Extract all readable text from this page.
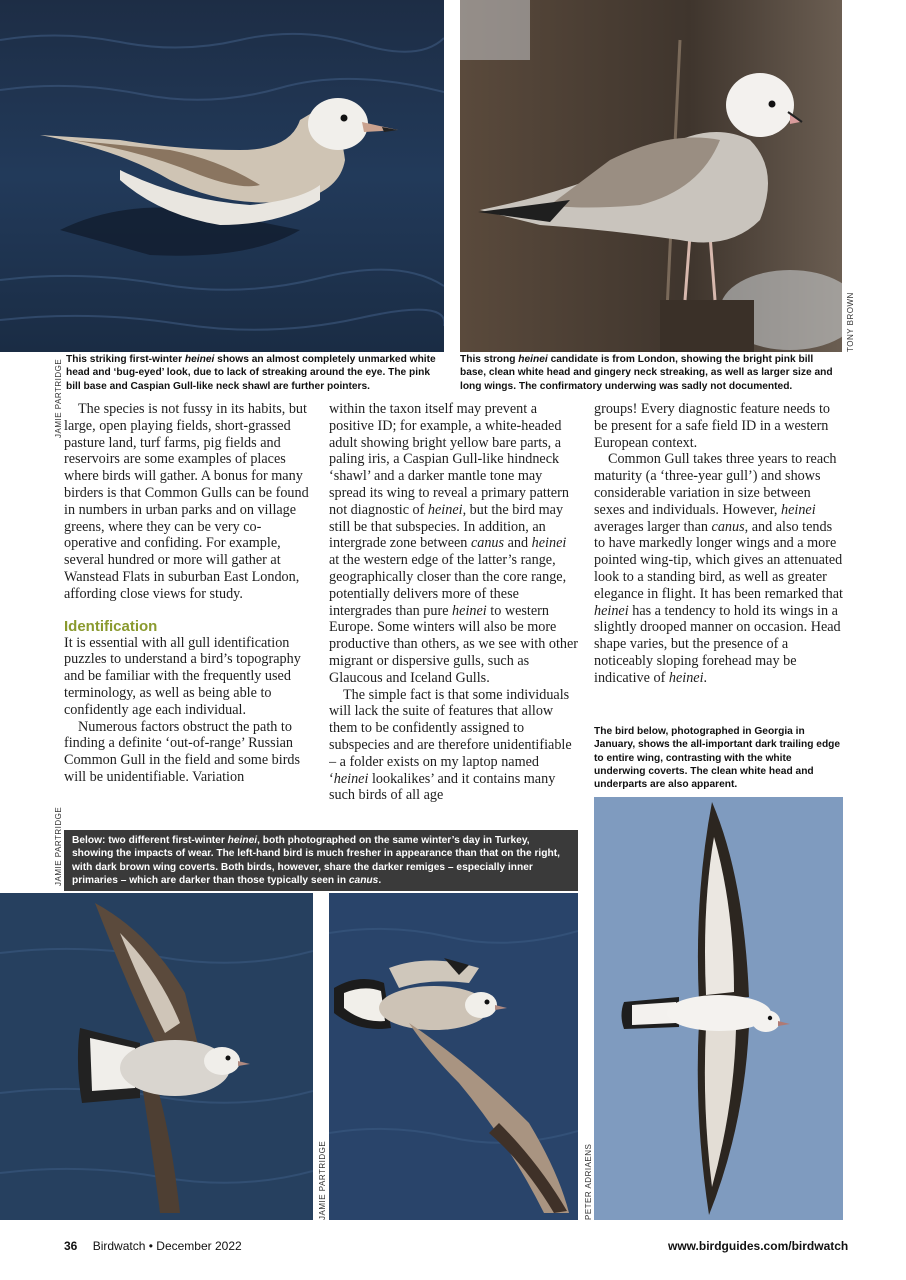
JAMIE PARTRIDGE
TONY BROWN
This striking first-winter heinei shows an almost completely unmarked white head and ‘bug-eyed’ look, due to lack of streaking around the eye. The pink bill base and Caspian Gull-like neck shawl are further pointers.
This strong heinei candidate is from London, showing the bright pink bill base, clean white head and gingery neck streaking, as well as larger size and long wings. The confirmatory underwing was sadly not documented.

The species is not fussy in its habits, but large, open playing fields, short-grassed pasture land, turf farms, pig fields and reservoirs are some examples of places where birds will gather. A bonus for many birders is that Common Gulls can be found in numbers in urban parks and on village greens, where they can be very co-operative and confiding. For example, several hundred or more will gather at Wanstead Flats in suburban East London, affording close views for study.

Identification

It is essential with all gull identification puzzles to understand a bird’s topography and be familiar with the frequently used terminology, as well as being able to confidently age each individual.

Numerous factors obstruct the path to finding a definite ‘out-of-range’ Russian Common Gull in the field and some birds will be unidentifiable. Variation

within the taxon itself may prevent a positive ID; for example, a white-headed adult showing bright yellow bare parts, a paling iris, a Caspian Gull-like hindneck ‘shawl’ and a darker mantle tone may spread its wing to reveal a primary pattern not diagnostic of heinei, but the bird may still be that subspecies. In addition, an intergrade zone between canus and heinei at the western edge of the latter’s range, geographically closer than the core range, potentially delivers more of these intergrades than pure heinei to western Europe. Some winters will also be more productive than others, as we see with other migrant or dispersive gulls, such as Glaucous and Iceland Gulls.

The simple fact is that some individuals will lack the suite of features that allow them to be confidently assigned to subspecies and are therefore unidentifiable – a folder exists on my laptop named ‘heinei lookalikes’ and it contains many such birds of all age

groups! Every diagnostic feature needs to be present for a safe field ID in a western European context.

Common Gull takes three years to reach maturity (a ‘three-year gull’) and shows considerable variation in size between sexes and individuals. However, heinei averages larger than canus, and also tends to have markedly longer wings and a more pointed wing-tip, which gives an attenuated look to a standing bird, as well as greater elegance in flight. It has been remarked that heinei has a tendency to hold its wings in a slightly drooped manner on occasion. Head shape varies, but the presence of a noticeably sloping forehead may be indicative of heinei.

The bird below, photographed in Georgia in January, shows the all-important dark trailing edge to entire wing, contrasting with the white underwing coverts. The clean white head and underparts are also apparent.
Below: two different first-winter heinei, both photographed on the same winter’s day in Turkey, showing the impacts of wear. The left-hand bird is much fresher in appearance than that on the right, with dark brown wing coverts. Both birds, however, share the darker remiges – especially inner primaries – which are darker than those typically seen in canus.
JAMIE PARTRIDGE
JAMIE PARTRIDGE	PETER ADRIAENS
36 Birdwatch • December 2022	www.birdguides.com/birdwatch
